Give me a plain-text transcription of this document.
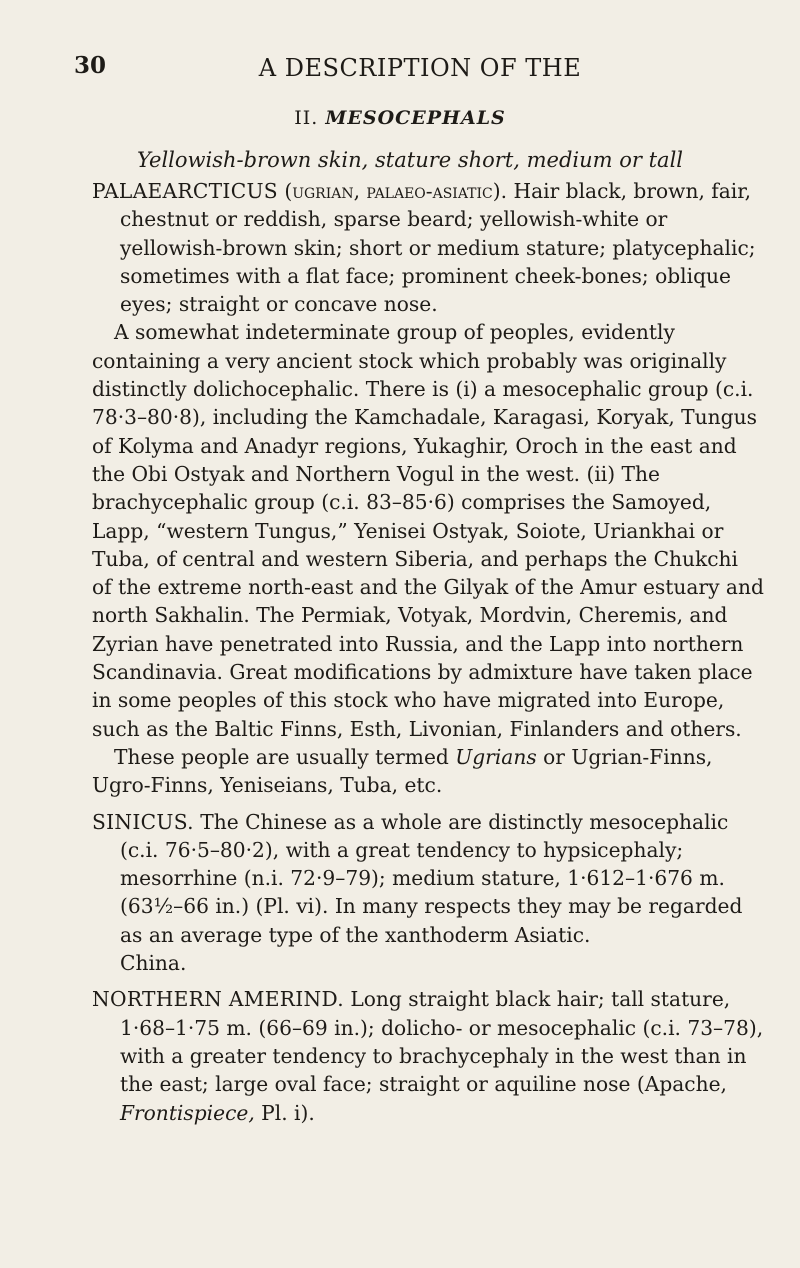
30	A DESCRIPTION OF THE
II. MESOCEPHALS
Yellowish-brown skin, stature short, medium or tall

PALAEARCTICUS (ugrian, palaeo-asiatic). Hair black, brown, fair, chestnut or reddish, sparse beard; yellowish-white or yellowish-brown skin; short or medium stature; platycephalic; sometimes with a flat face; prominent cheek-bones; oblique eyes; straight or concave nose.

A somewhat indeterminate group of peoples, evidently containing a very ancient stock which probably was originally distinctly dolichocephalic. There is (i) a mesocephalic group (c.i. 78·3–80·8), including the Kamchadale, Karagasi, Koryak, Tungus of Kolyma and Anadyr regions, Yukaghir, Oroch in the east and the Obi Ostyak and Northern Vogul in the west. (ii) The brachycephalic group (c.i. 83–85·6) comprises the Samoyed, Lapp, “western Tungus,” Yenisei Ostyak, Soiote, Uriankhai or Tuba, of central and western Siberia, and perhaps the Chukchi of the extreme north-east and the Gilyak of the Amur estuary and north Sakhalin. The Permiak, Votyak, Mordvin, Cheremis, and Zyrian have penetrated into Russia, and the Lapp into northern Scandinavia. Great modifications by admixture have taken place in some peoples of this stock who have migrated into Europe, such as the Baltic Finns, Esth, Livonian, Finlanders and others.

These people are usually termed Ugrians or Ugrian-Finns, Ugro-Finns, Yeniseians, Tuba, etc.

SINICUS. The Chinese as a whole are distinctly mesocephalic (c.i. 76·5–80·2), with a great tendency to hypsicephaly; mesorrhine (n.i. 72·9–79); medium stature, 1·612–1·676 m. (63½–66 in.) (Pl. vi). In many respects they may be regarded as an average type of the xanthoderm Asiatic.
China.

NORTHERN AMERIND. Long straight black hair; tall stature, 1·68–1·75 m. (66–69 in.); dolicho- or mesocephalic (c.i. 73–78), with a greater tendency to brachycephaly in the west than in the east; large oval face; straight or aquiline nose (Apache, Frontispiece, Pl. i).
